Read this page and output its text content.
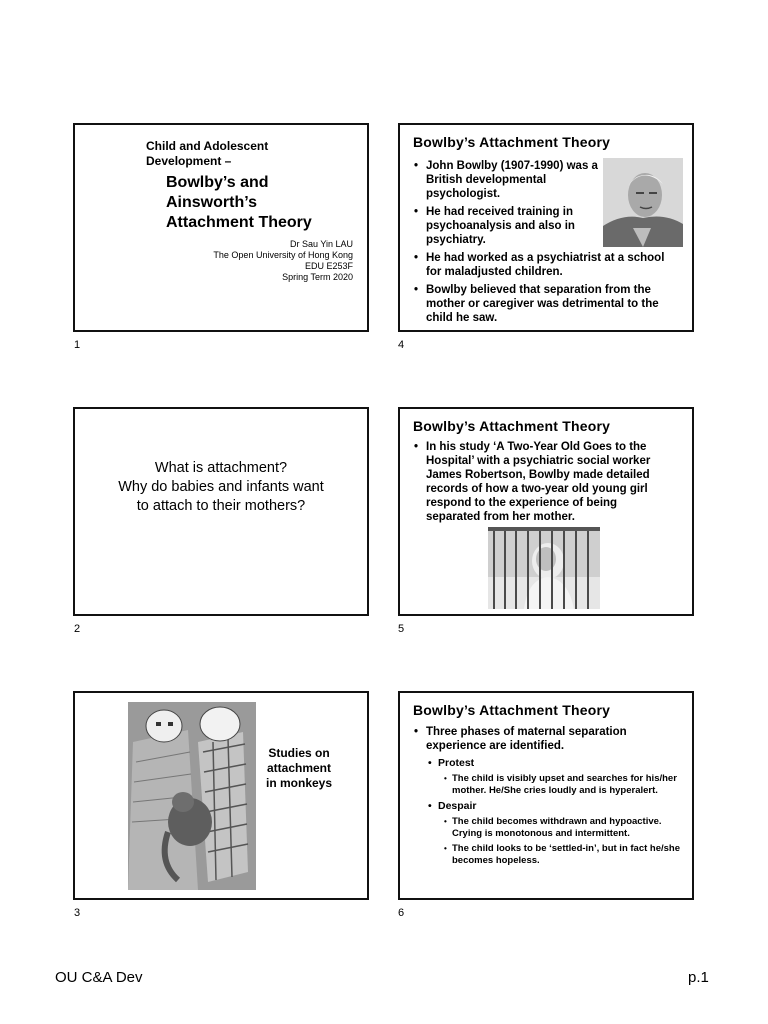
Child and Adolescent Development –
Bowlby’s and Ainsworth’s Attachment Theory
Dr Sau Yin LAU
The Open University of Hong Kong
EDU E253F
Spring Term 2020
1
Bowlby’s Attachment Theory
• John Bowlby (1907-1990) was a British developmental psychologist.
• He had received training in psychoanalysis and also in psychiatry.
• He had worked as a psychiatrist at a school for maladjusted children.
• Bowlby believed that separation from the mother or caregiver was detrimental to the child he saw.
4
What is attachment?
Why do babies and infants want
to attach to their mothers?
2
Bowlby’s Attachment Theory
• In his study ‘A Two-Year Old Goes to the Hospital’ with a psychiatric social worker James Robertson, Bowlby made detailed records of how a two-year old young girl respond to the experience of being separated from her mother.
5
Studies on attachment in monkeys
3
Bowlby’s Attachment Theory
• Three phases of maternal separation experience are identified.
• Protest
• The child is visibly upset and searches for his/her mother. He/She cries loudly and is hyperalert.
• Despair
• The child becomes withdrawn and hypoactive. Crying is monotonous and intermittent.
• The child looks to be ‘settled-in’, but in fact he/she becomes hopeless.
6
OU C&A Dev	p.1
